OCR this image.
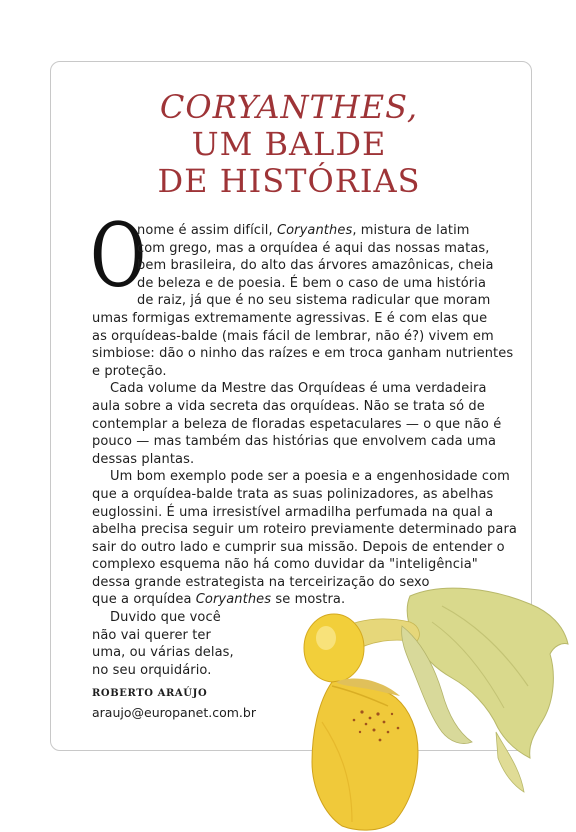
CORYANTHES,
UM BALDE
DE HISTÓRIAS
O
nome é assim difícil, Coryanthes, mistura de latim
com grego, mas a orquídea é aqui das nossas matas,
bem brasileira, do alto das árvores amazônicas, cheia
de beleza e de poesia. É bem o caso de uma história
de raiz, já que é no seu sistema radicular que moram
umas formigas extremamente agressivas. E é com elas que
as orquídeas-balde (mais fácil de lembrar, não é?) vivem em
simbiose: dão o ninho das raízes e em troca ganham nutrientes
e proteção.
Cada volume da Mestre das Orquídeas é uma verdadeira
aula sobre a vida secreta das orquídeas. Não se trata só de
contemplar a beleza de floradas espetaculares — o que não é
pouco — mas também das histórias que envolvem cada uma
dessas plantas.
Um bom exemplo pode ser a poesia e a engenhosidade com
que a orquídea-balde trata as suas polinizadores, as abelhas
euglossini. É uma irresistível armadilha perfumada na qual a
abelha precisa seguir um roteiro previamente determinado para
sair do outro lado e cumprir sua missão. Depois de entender o
complexo esquema não há como duvidar da "inteligência"
dessa grande estrategista na terceirização do sexo
que a orquídea Coryanthes se mostra.
Duvido que você
não vai querer ter
uma, ou várias delas,
no seu orquidário.
ROBERTO ARAÚJO
araujo@europanet.com.br
